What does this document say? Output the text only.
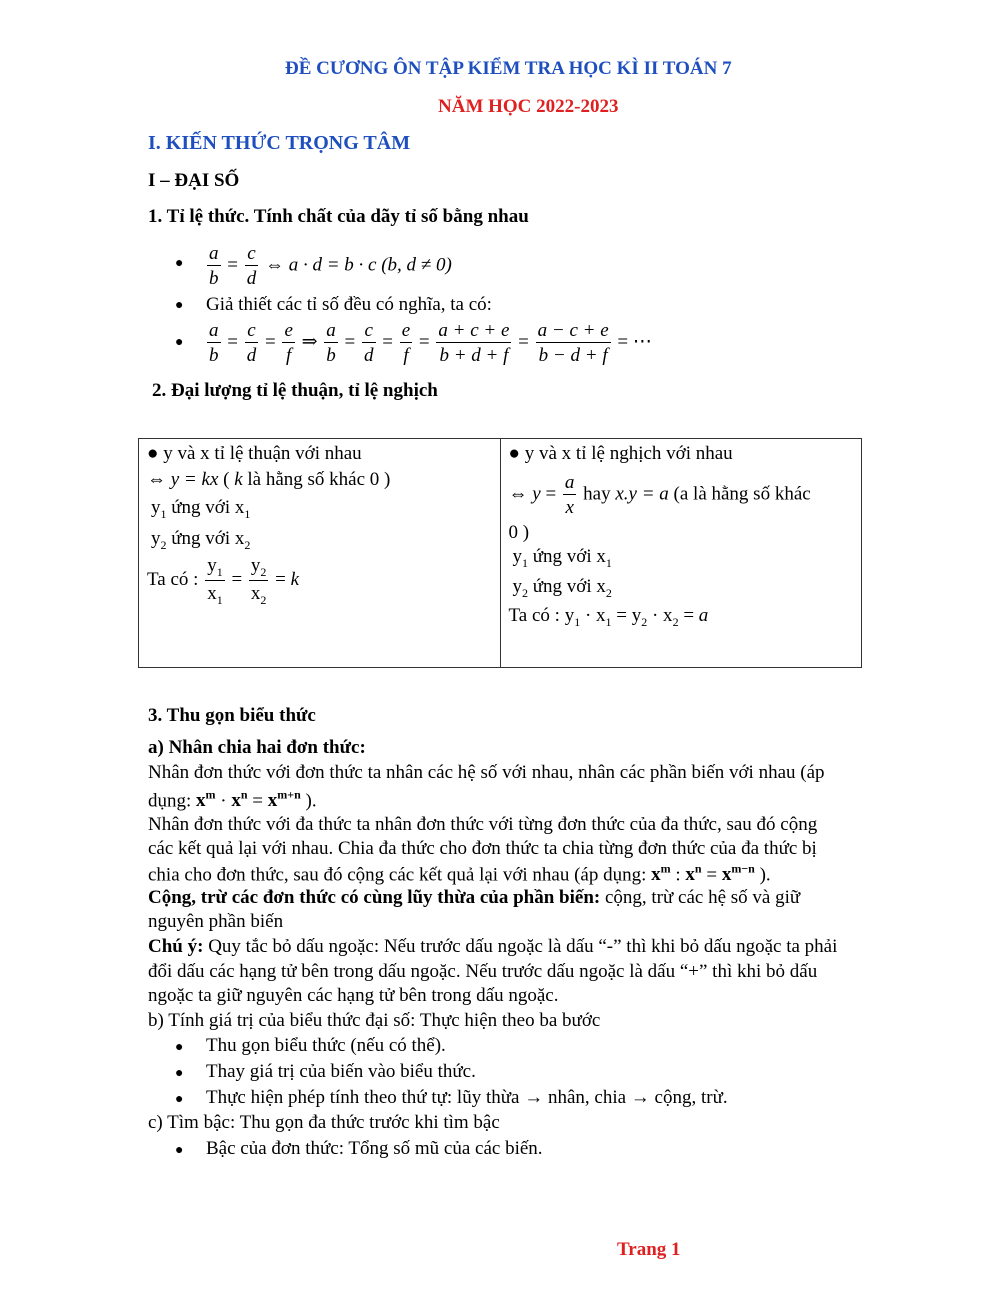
ĐỀ CƯƠNG ÔN TẬP KIỂM TRA HỌC KÌ II TOÁN 7
NĂM HỌC 2022-2023
I. KIẾN THỨC TRỌNG TÂM
I – ĐẠI SỐ
1. Tỉ lệ thức. Tính chất của dãy tỉ số bằng nhau
● $\frac{a}{b} = \frac{c}{d}$ ⇔ a · d = b · c (b, d ≠ 0)
● Giả thiết các tỉ số đều có nghĩa, ta có:
● $\frac{a}{b} = \frac{c}{d} = \frac{e}{f}$ ⇒ $\frac{a}{b} = \frac{c}{d} = \frac{e}{f} = \frac{a + c + e}{b + d + f} = \frac{a - c + e}{b - d + f}$ = ⋯
2. Đại lượng tỉ lệ thuận, tỉ lệ nghịch
● y và x tỉ lệ thuận với nhau
⇔ y = kx ( k là hằng số khác 0 )
$y_1$ ứng với $x_1$
$y_2$ ứng với $x_2$
Ta có : $\frac{y_1}{x_1} = \frac{y_2}{x_2} = k$

● y và x tỉ lệ nghịch với nhau
⇔ $y = \frac{a}{x}$ hay x.y = a (a là hằng số khác
0 )
$y_1$ ứng với $x_1$
$y_2$ ứng với $x_2$
Ta có : $y_1 \cdot x_1 = y_2 \cdot x_2 = a$
3. Thu gọn biểu thức
a) Nhân chia hai đơn thức:
Nhân đơn thức với đơn thức ta nhân các hệ số với nhau, nhân các phần biến với nhau (áp
dụng: $x^m \cdot x^n = x^{m+n}$ ).
Nhân đơn thức với đa thức ta nhân đơn thức với từng đơn thức của đa thức, sau đó cộng
các kết quả lại với nhau. Chia đa thức cho đơn thức ta chia từng đơn thức của đa thức bị
chia cho đơn thức, sau đó cộng các kết quả lại với nhau (áp dụng: $x^m$ : $x^n = x^{m-n}$ ).
Cộng, trừ các đơn thức có cùng lũy thừa của phần biến: cộng, trừ các hệ số và giữ
nguyên phần biến
Chú ý: Quy tắc bỏ dấu ngoặc: Nếu trước dấu ngoặc là dấu “-” thì khi bỏ dấu ngoặc ta phải
đổi dấu các hạng tử bên trong dấu ngoặc. Nếu trước dấu ngoặc là dấu “+” thì khi bỏ dấu
ngoặc ta giữ nguyên các hạng tử bên trong dấu ngoặc.
b) Tính giá trị của biểu thức đại số: Thực hiện theo ba bước
● Thu gọn biểu thức (nếu có thể).
● Thay giá trị của biến vào biểu thức.
● Thực hiện phép tính theo thứ tự: lũy thừa → nhân, chia → cộng, trừ.
c) Tìm bậc: Thu gọn đa thức trước khi tìm bậc
● Bậc của đơn thức: Tổng số mũ của các biến.
Trang 1
